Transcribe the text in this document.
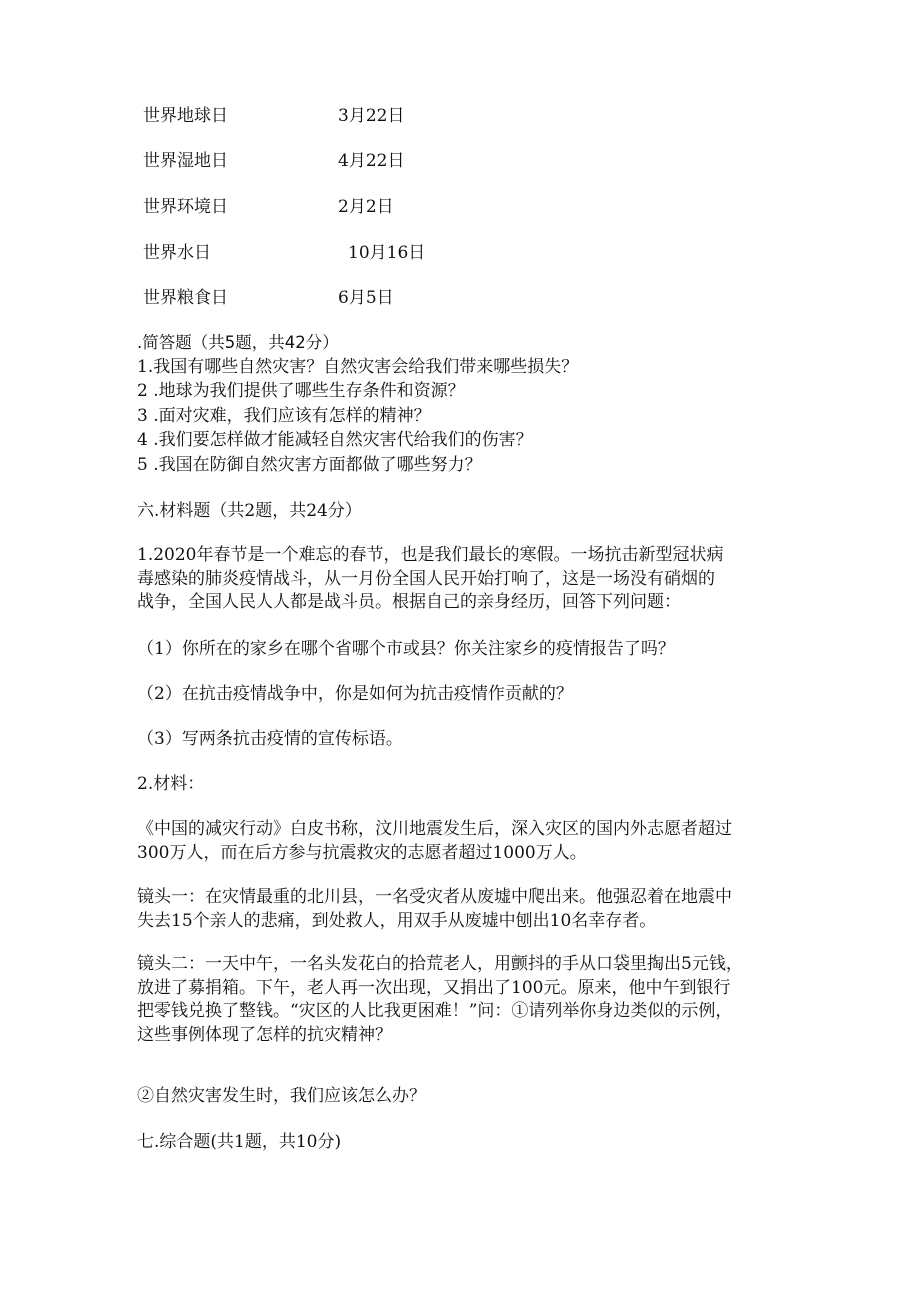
世界地球日	3月22日
世界湿地日	4月22日
世界环境日	2月2日
世界水日	10月16日
世界粮食日	6月5日
.简答题（共5题，共42分）
1.我国有哪些自然灾害？自然灾害会给我们带来哪些损失？
2 .地球为我们提供了哪些生存条件和资源？
3 .面对灾难，我们应该有怎样的精神？
4 .我们要怎样做才能减轻自然灾害代给我们的伤害？
5 .我国在防御自然灾害方面都做了哪些努力？
六.材料题（共2题，共24分）
1.2020年春节是一个难忘的春节，也是我们最长的寒假。一场抗击新型冠状病
毒感染的肺炎疫情战斗，从一月份全国人民开始打响了，这是一场没有硝烟的
战争，全国人民人人都是战斗员。根据自己的亲身经历，回答下列问题：
（1）你所在的家乡在哪个省哪个市或县？你关注家乡的疫情报告了吗？
（2）在抗击疫情战争中，你是如何为抗击疫情作贡献的？
（3）写两条抗击疫情的宣传标语。
2.材料：
《中国的减灾行动》白皮书称，汶川地震发生后，深入灾区的国内外志愿者超过
300万人，而在后方参与抗震救灾的志愿者超过1000万人。
镜头一：在灾情最重的北川县，一名受灾者从废墟中爬出来。他强忍着在地震中
失去15个亲人的悲痛，到处救人，用双手从废墟中刨出10名幸存者。
镜头二：一天中午，一名头发花白的拾荒老人，用颤抖的手从口袋里掏出5元钱，
放进了募捐箱。下午，老人再一次出现，又捐出了100元。原来，他中午到银行
把零钱兑换了整钱。“灾区的人比我更困难！”问：①请列举你身边类似的示例，
这些事例体现了怎样的抗灾精神？
②自然灾害发生时，我们应该怎么办？
七.综合题(共1题，共10分)
